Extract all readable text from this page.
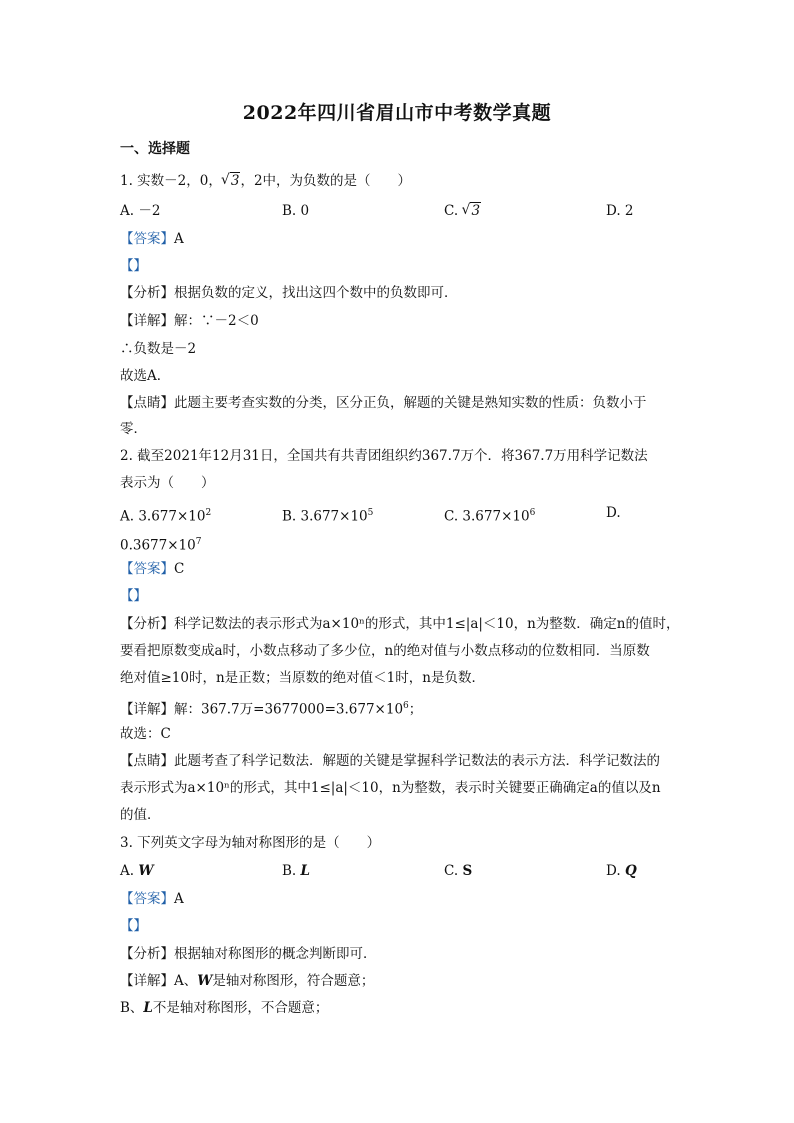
2022年四川省眉山市中考数学真题
一、选择题
1. 实数－2，0，√ 3，2中，为负数的是（　　）
A. －2	B. 0	C. √ 3	D. 2
【答案】A
【】
【分析】根据负数的定义，找出这四个数中的负数即可．
【详解】解：∵－2＜0
∴负数是－2
故选A．
【点睛】此题主要考查实数的分类，区分正负，解题的关键是熟知实数的性质：负数小于
零．
2. 截至2021年12月31日，全国共有共青团组织约367.7万个．将367.7万用科学记数法
表示为（　　）
A. $3.677\times 10^2$	B. $3.677\times 10^5$	C. $3.677\times 10^6$	D.
$0.3677\times 10^7$
【答案】C
【】
【分析】科学记数法的表示形式为a×10ⁿ的形式，其中1≤|a|＜10，n为整数．确定n的值时，
要看把原数变成a时，小数点移动了多少位，n的绝对值与小数点移动的位数相同．当原数
绝对值≥10时，n是正数；当原数的绝对值＜1时，n是负数．
【详解】解：367.7万$=3677000=3.677\times 10^6$；
故选：C
【点睛】此题考查了科学记数法．解题的关键是掌握科学记数法的表示方法．科学记数法的
表示形式为a×10ⁿ的形式，其中1≤|a|＜10，n为整数，表示时关键要正确确定a的值以及n
的值．
3. 下列英文字母为轴对称图形的是（　　）
A. W	B. L	C. S	D. Q
【答案】A
【】
【分析】根据轴对称图形的概念判断即可．
【详解】A、W是轴对称图形，符合题意；
B、L不是轴对称图形，不合题意；
